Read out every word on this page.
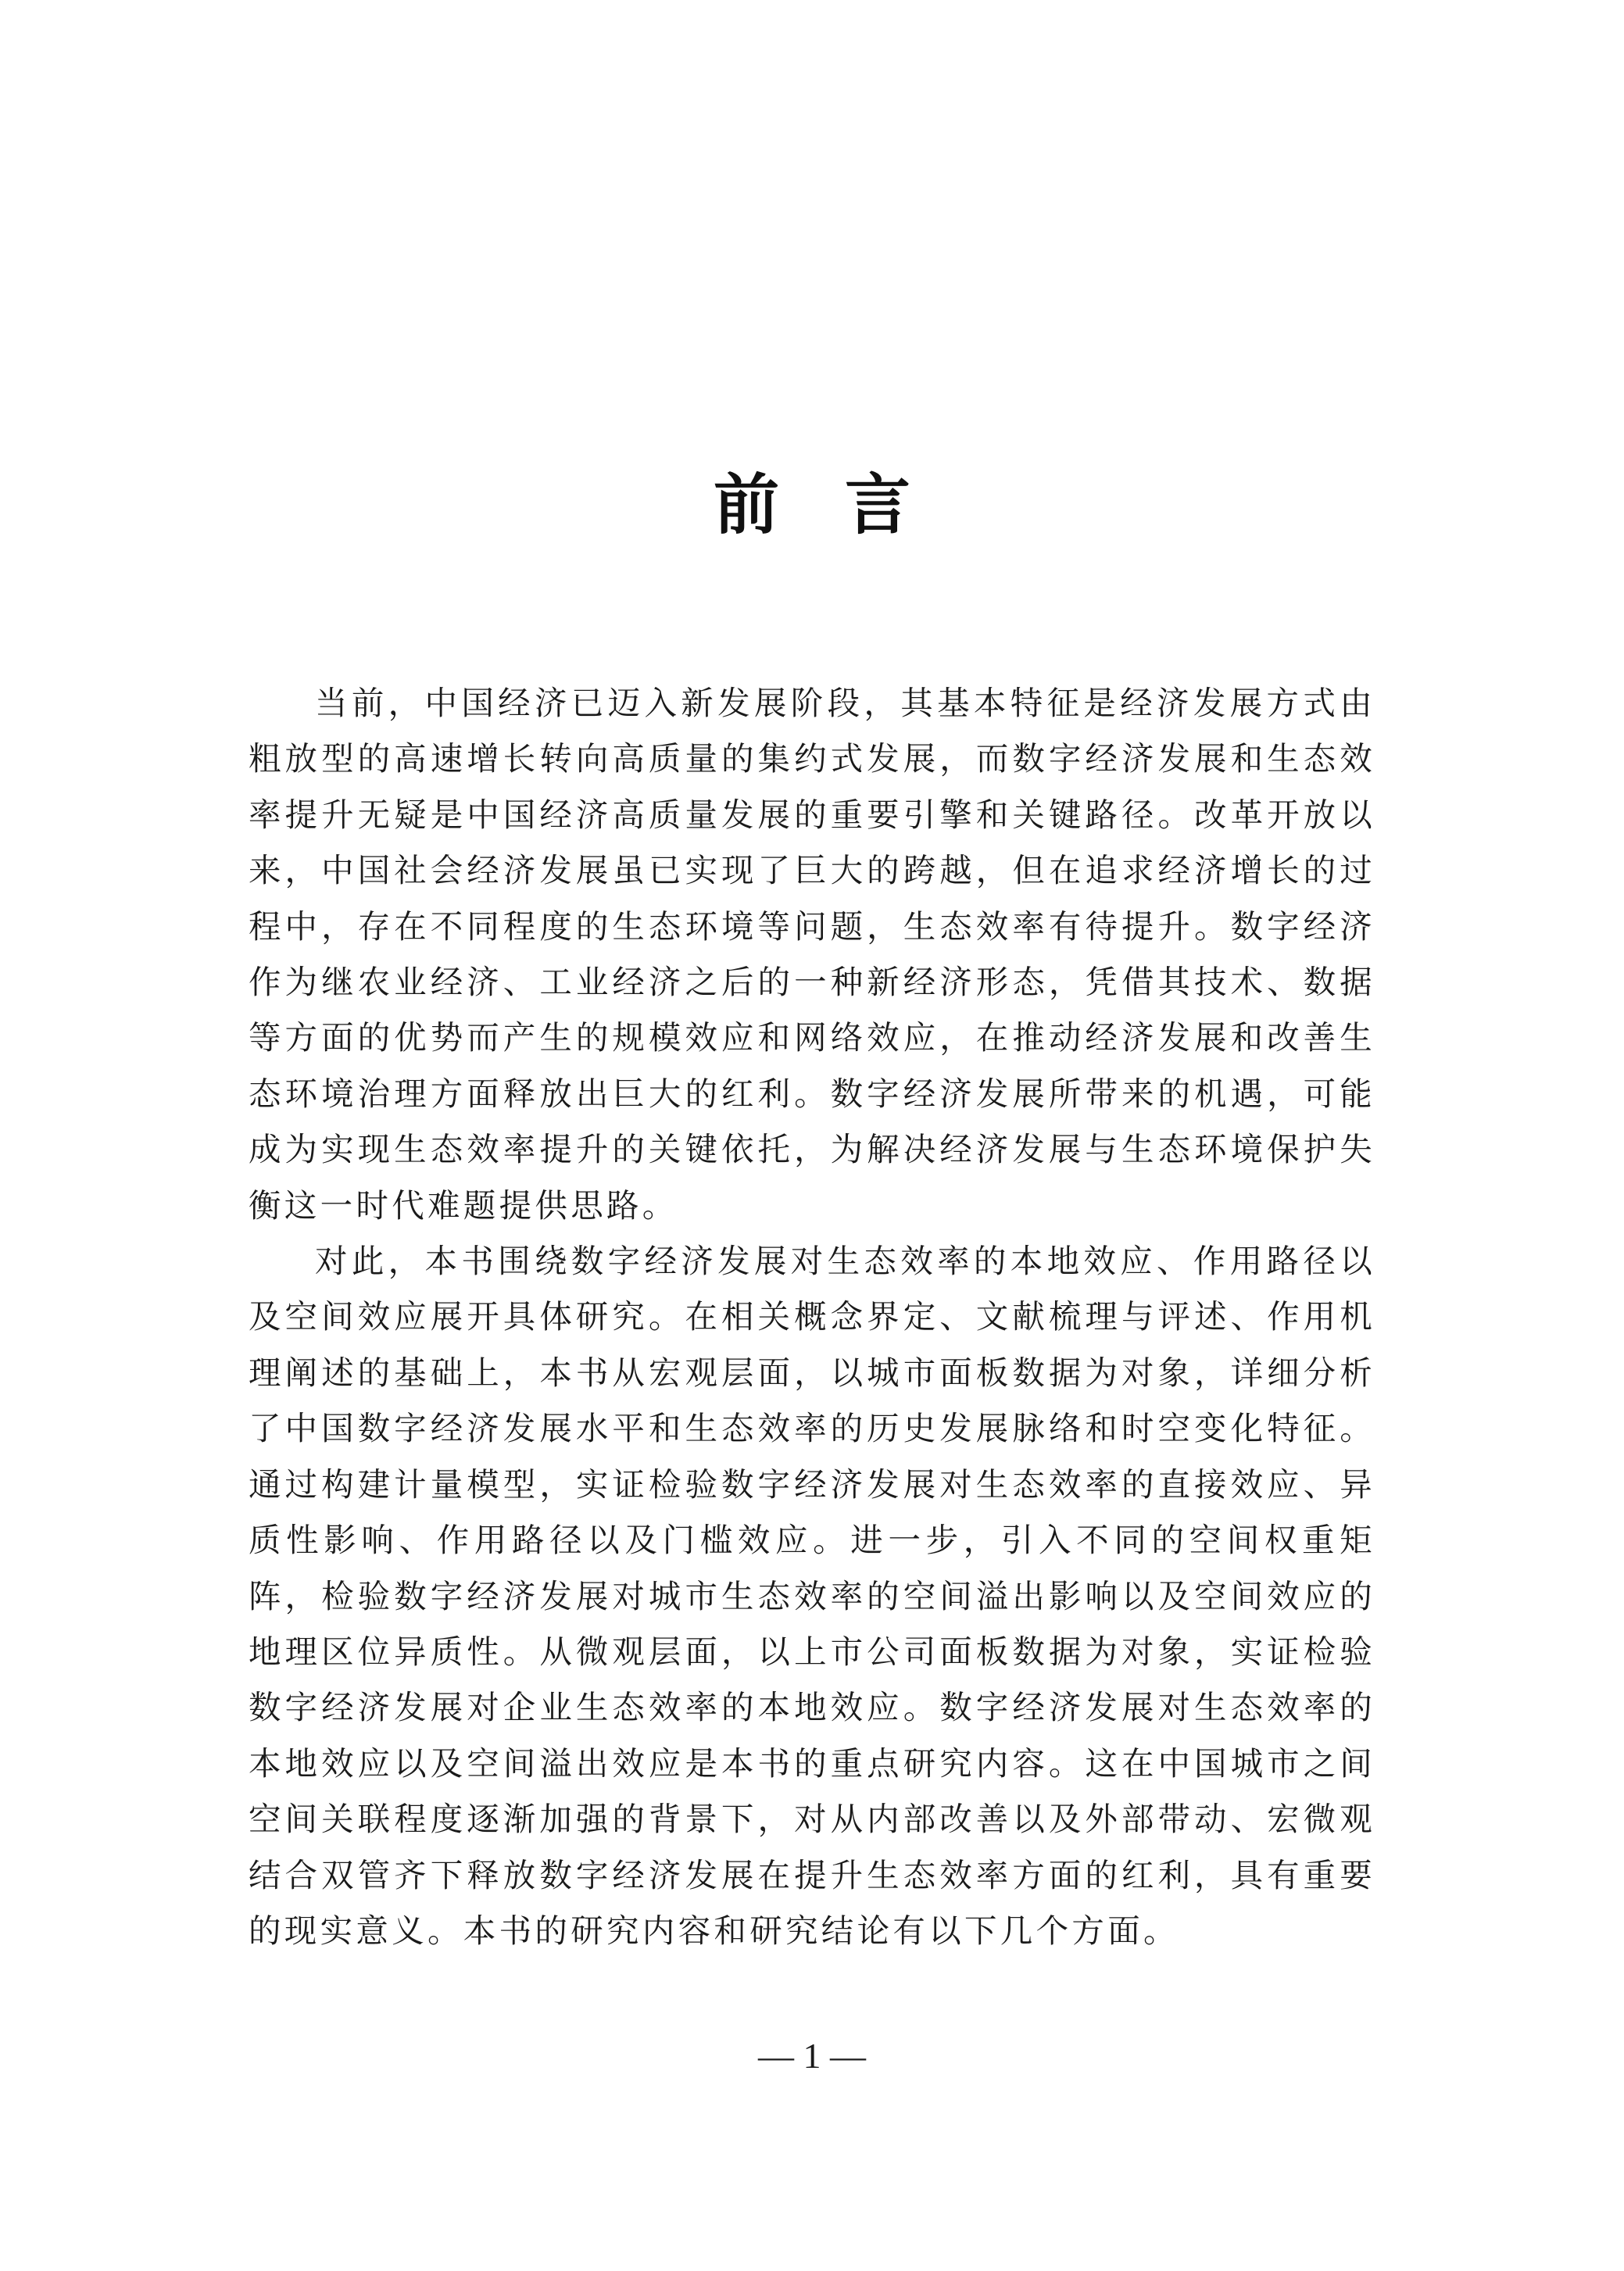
前言

当前，中国经济已迈入新发展阶段，其基本特征是经济发展方式由粗放型的高速增长转向高质量的集约式发展，而数字经济发展和生态效率提升无疑是中国经济高质量发展的重要引擎和关键路径。改革开放以来，中国社会经济发展虽已实现了巨大的跨越，但在追求经济增长的过程中，存在不同程度的生态环境等问题，生态效率有待提升。数字经济作为继农业经济、工业经济之后的一种新经济形态，凭借其技术、数据等方面的优势而产生的规模效应和网络效应，在推动经济发展和改善生态环境治理方面释放出巨大的红利。数字经济发展所带来的机遇，可能成为实现生态效率提升的关键依托，为解决经济发展与生态环境保护失衡这一时代难题提供思路。

对此，本书围绕数字经济发展对生态效率的本地效应、作用路径以及空间效应展开具体研究。在相关概念界定、文献梳理与评述、作用机理阐述的基础上，本书从宏观层面，以城市面板数据为对象，详细分析了中国数字经济发展水平和生态效率的历史发展脉络和时空变化特征。通过构建计量模型，实证检验数字经济发展对生态效率的直接效应、异质性影响、作用路径以及门槛效应。进一步，引入不同的空间权重矩阵，检验数字经济发展对城市生态效率的空间溢出影响以及空间效应的地理区位异质性。从微观层面，以上市公司面板数据为对象，实证检验数字经济发展对企业生态效率的本地效应。数字经济发展对生态效率的本地效应以及空间溢出效应是本书的重点研究内容。这在中国城市之间空间关联程度逐渐加强的背景下，对从内部改善以及外部带动、宏微观结合双管齐下释放数字经济发展在提升生态效率方面的红利，具有重要的现实意义。本书的研究内容和研究结论有以下几个方面。

— 1 —
